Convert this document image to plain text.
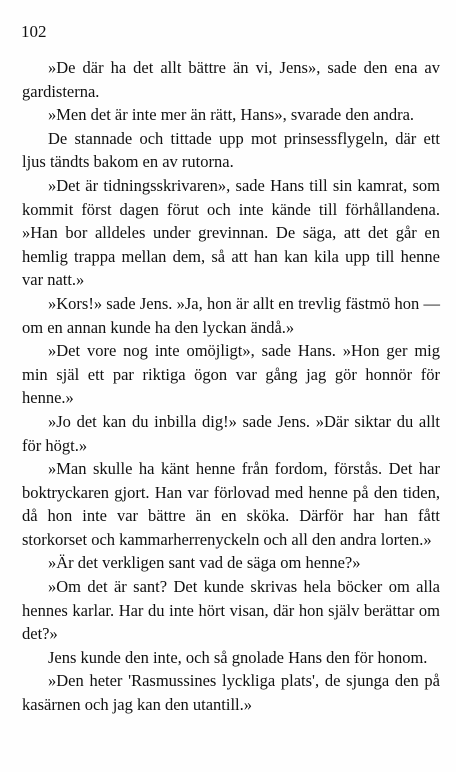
102

»De där ha det allt bättre än vi, Jens», sade den ena av gardisterna.

»Men det är inte mer än rätt, Hans», svarade den andra.

De stannade och tittade upp mot prinsessflygeln, där ett ljus tändts bakom en av rutorna.

»Det är tidningsskrivaren», sade Hans till sin kamrat, som kommit först dagen förut och inte kände till förhållandena. »Han bor alldeles under grevinnan. De säga, att det går en hemlig trappa mellan dem, så att han kan kila upp till henne var natt.»

»Kors!» sade Jens. »Ja, hon är allt en trevlig fästmö hon — om en annan kunde ha den lyckan ändå.»

»Det vore nog inte omöjligt», sade Hans. »Hon ger mig min själ ett par riktiga ögon var gång jag gör honnör för henne.»

»Jo det kan du inbilla dig!» sade Jens. »Där siktar du allt för högt.»

»Man skulle ha känt henne från fordom, förstås. Det har boktryckaren gjort. Han var förlovad med henne på den tiden, då hon inte var bättre än en sköka. Därför har han fått storkorset och kammarherrenyckeln och all den andra lorten.»

»Är det verkligen sant vad de säga om henne?»

»Om det är sant? Det kunde skrivas hela böcker om alla hennes karlar. Har du inte hört visan, där hon själv berättar om det?»

Jens kunde den inte, och så gnolade Hans den för honom.

»Den heter 'Rasmussines lyckliga plats', de sjunga den på kasärnen och jag kan den utantill.»
